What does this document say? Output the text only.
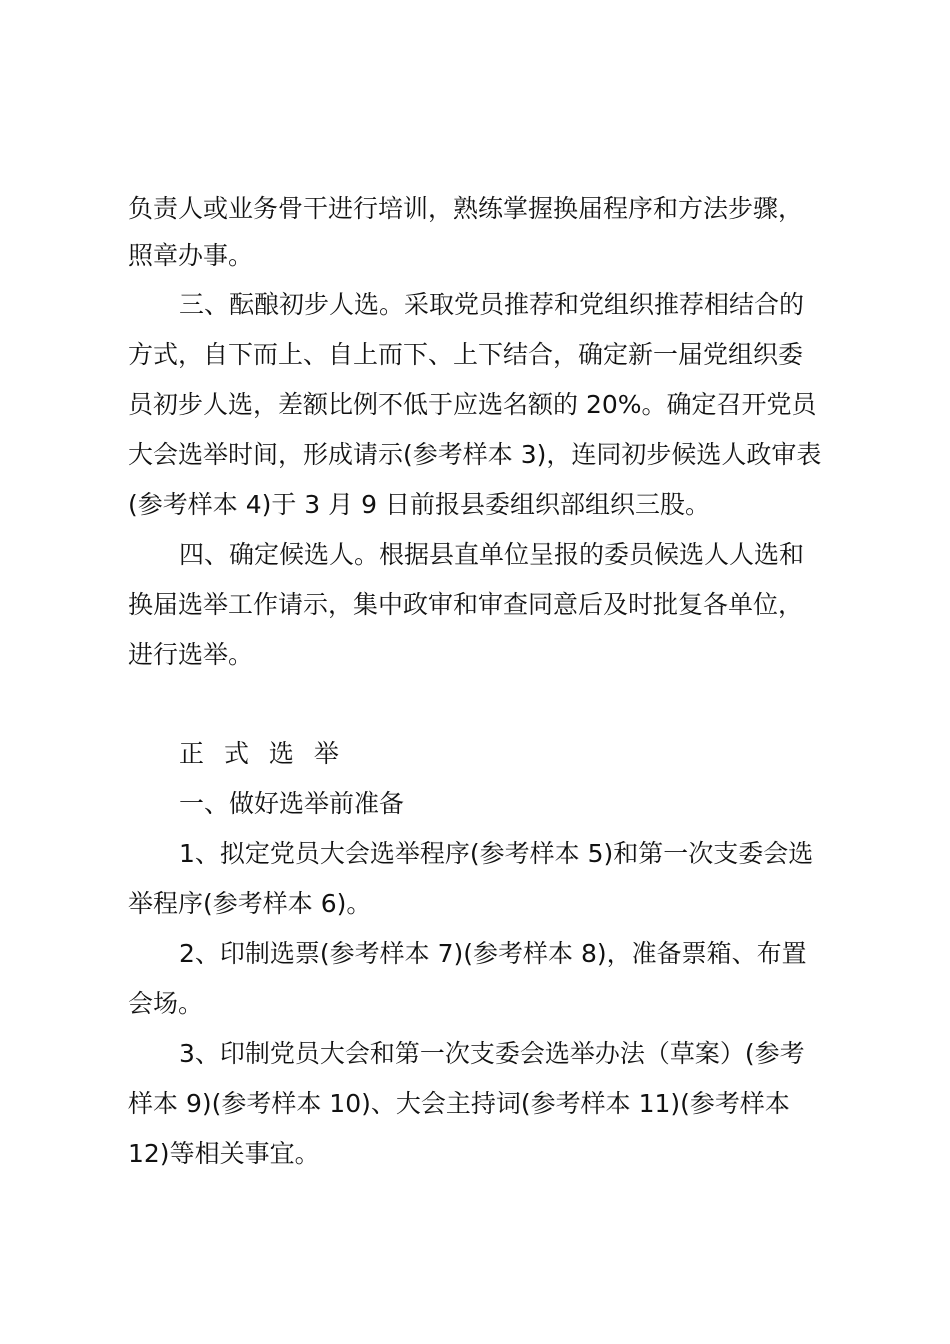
负责人或业务骨干进行培训，熟练掌握换届程序和方法步骤，

照章办事。

三、酝酿初步人选。采取党员推荐和党组织推荐相结合的

方式，自下而上、自上而下、上下结合，确定新一届党组织委

员初步人选，差额比例不低于应选名额的 20%。确定召开党员

大会选举时间，形成请示(参考样本 3)，连同初步候选人政审表

(参考样本 4)于 3 月 9 日前报县委组织部组织三股。

四、确定候选人。根据县直单位呈报的委员候选人人选和

换届选举工作请示，集中政审和审查同意后及时批复各单位，

进行选举。

正 式 选 举

一、做好选举前准备

1、拟定党员大会选举程序(参考样本 5)和第一次支委会选

举程序(参考样本 6)。

2、印制选票(参考样本 7)(参考样本 8)，准备票箱、布置

会场。

3、印制党员大会和第一次支委会选举办法（草案）(参考

样本 9)(参考样本 10)、大会主持词(参考样本 11)(参考样本

12)等相关事宜。
